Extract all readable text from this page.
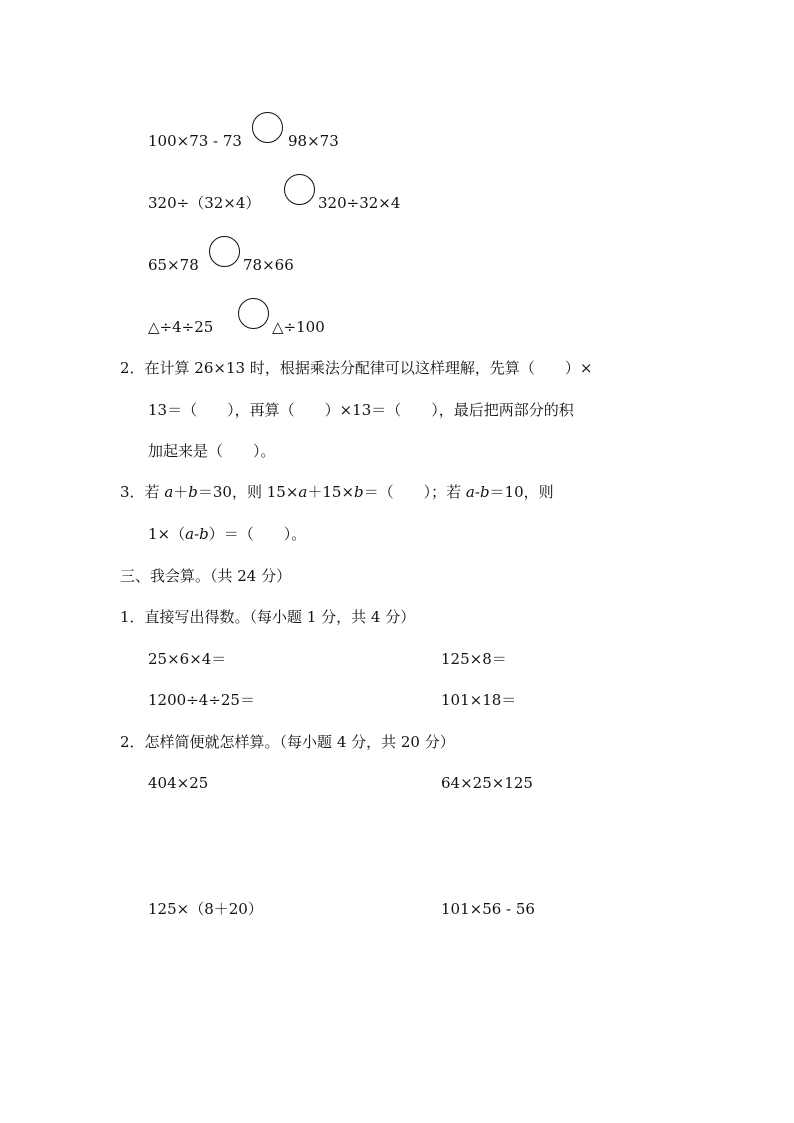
100×73 - 73	98×73
320÷（32×4）	320÷32×4
65×78	78×66
△÷4÷25	△÷100
2．在计算 26×13 时，根据乘法分配律可以这样理解，先算（　　）×
13＝（　　），再算（　　）×13＝（　　），最后把两部分的积
加起来是（　　）。
3．若 a＋b＝30，则 15×a＋15×b＝（　　）；若 a-b＝10，则
1×（a-b）＝（　　）。
三、我会算。（共 24 分）
1．直接写出得数。（每小题 1 分，共 4 分）
25×6×4＝	125×8＝
1200÷4÷25＝	101×18＝
2．怎样简便就怎样算。（每小题 4 分，共 20 分）
404×25	64×25×125
125×（8＋20）	101×56 - 56
